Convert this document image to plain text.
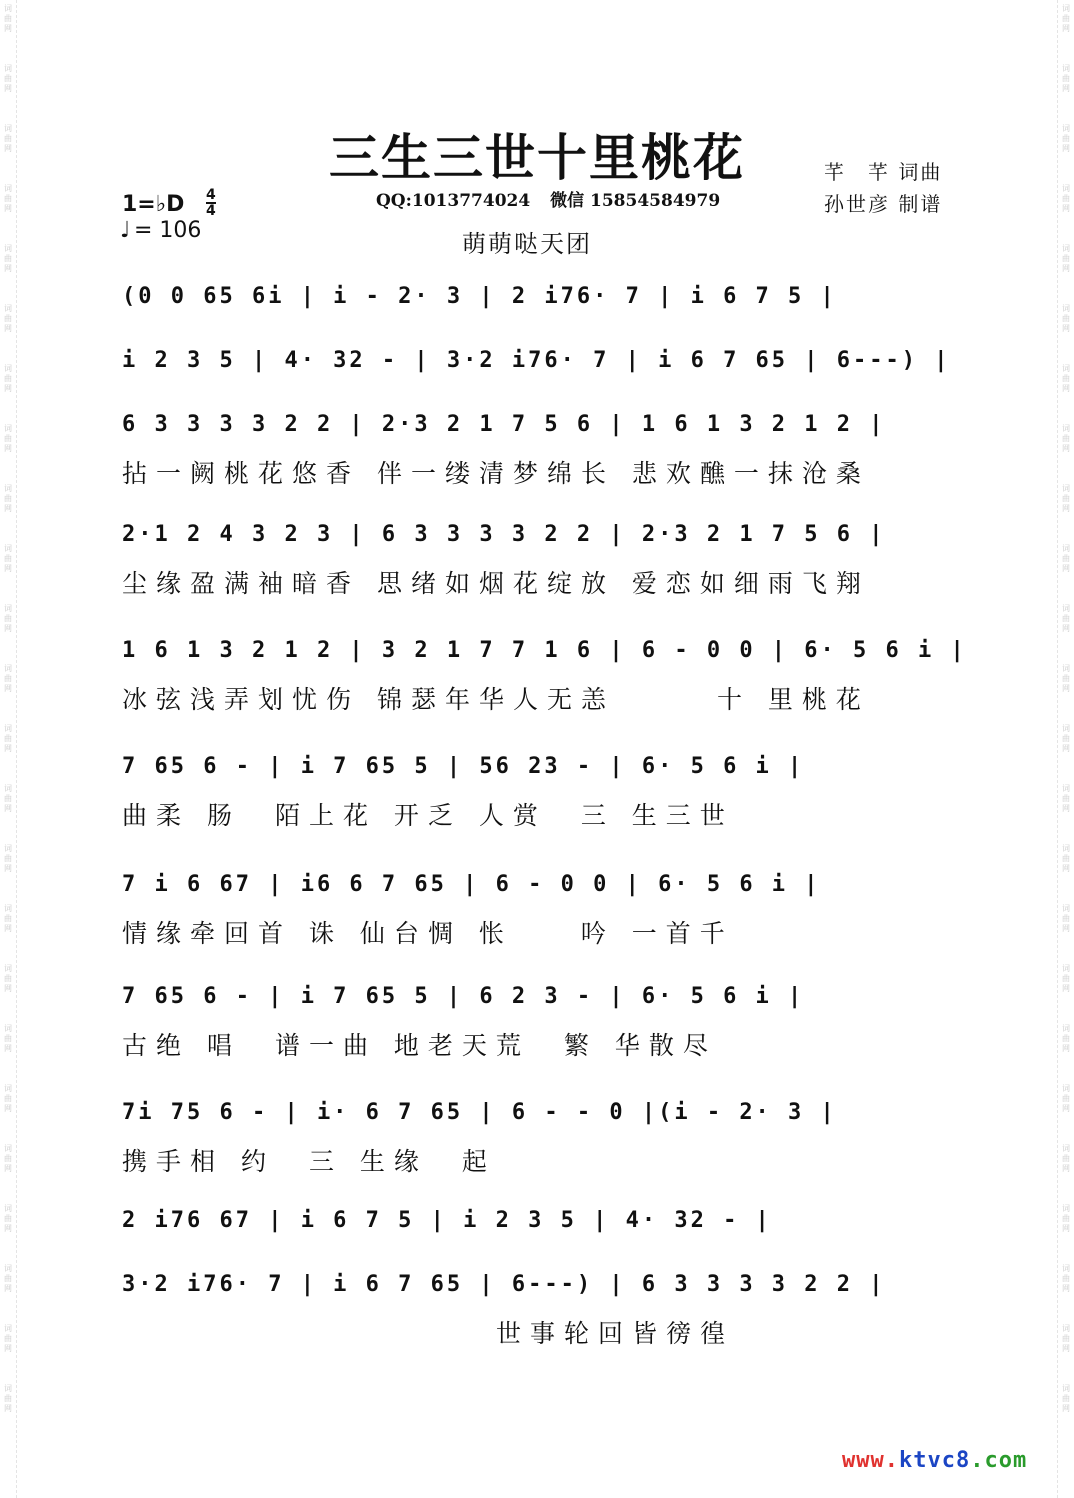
词
曲
网
词
曲
网
词
曲
网
词
曲
网
词
曲
网
词
曲
网
词
曲
网
词
曲
网
词
曲
网
词
曲
网
词
曲
网
词
曲
网
词
曲
网
词
曲
网
词
曲
网
词
曲
网
词
曲
网
词
曲
网
词
曲
网
词
曲
网
词
曲
网
词
曲
网
词
曲
网
词
曲
网
词
曲
网
词
曲
网
词
曲
网
词
曲
网
词
曲
网
词
曲
网
词
曲
网
词
曲
网
词
曲
网
词
曲
网
词
曲
网
词
曲
网
词
曲
网
词
曲
网
词
曲
网
词
曲
网
词
曲
网
词
曲
网
词
曲
网
词
曲
网
词
曲
网
词
曲
网
词
曲
网
词
曲
网
三生三世十里桃花
QQ:1013774024 微信 15854584979
萌萌哒天团
芊　芊 词曲
孙世彦 制谱
1=♭D 4
4
♩ = 106
(0 0 65 6i | i - 2· 3 | 2 i76· 7 | i 6 7 5 |
i 2 3 5 | 4· 32 - | 3·2 i76· 7 | i 6 7 65 | 6---) |
6 3 3 3 3 2 2 | 2·3 2 1 7 5 6 | 1 6 1 3 2 1 2 |
拈一阙桃花悠香 伴一缕清梦绵长 悲欢醮一抹沧桑
2·1 2 4 3 2 3 | 6 3 3 3 3 2 2 | 2·3 2 1 7 5 6 |
尘缘盈满袖暗香 思绪如烟花绽放 爱恋如细雨飞翔
1 6 1 3 2 1 2 | 3 2 1 7 7 1 6 | 6 - 0 0 | 6· 5 6 i |
冰弦浅弄划忧伤 锦瑟年华人无恙　　　十 里桃花
7 65 6 - | i 7 65 5 | 56 23 - | 6· 5 6 i |
曲柔 肠　陌上花 开乏 人赏　三 生三世
7 i 6 67 | i6 6 7 65 | 6 - 0 0 | 6· 5 6 i |
情缘牵回首 诛 仙台惆 怅　　吟 一首千
7 65 6 - | i 7 65 5 | 6 2 3 - | 6· 5 6 i |
古绝 唱　谱一曲 地老天荒　繁 华散尽
7i 75 6 - | i· 6 7 65 | 6 - - 0 |(i - 2· 3 |
携手相 约　三 生缘　起
2 i76 67 | i 6 7 5 | i 2 3 5 | 4· 32 - |
3·2 i76· 7 | i 6 7 65 | 6---) | 6 3 3 3 3 2 2 |
　　　　　　　　　　　世事轮回皆徬徨
www.ktvc8.com
